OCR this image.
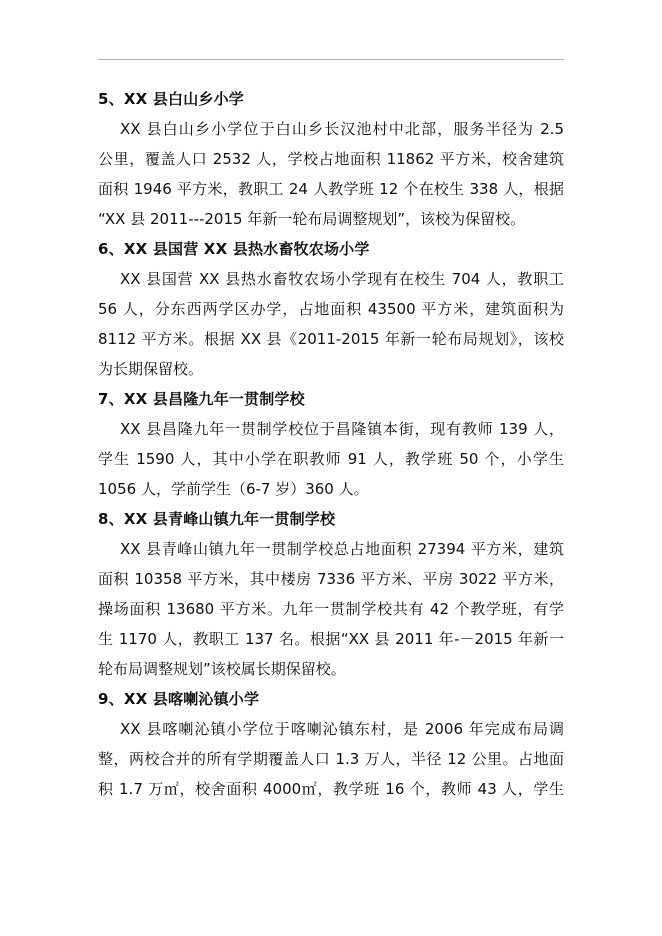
5、XX 县白山乡小学
XX 县白山乡小学位于白山乡长汉池村中北部，服务半径为 2.5
公里，覆盖人口 2532 人，学校占地面积 11862 平方米，校舍建筑
面积 1946 平方米，教职工 24 人教学班 12 个在校生 338 人，根据
“XX 县 2011---2015 年新一轮布局调整规划”，该校为保留校。
6、XX 县国营 XX 县热水畜牧农场小学
XX 县国营 XX 县热水畜牧农场小学现有在校生 704 人，教职工
56 人，分东西两学区办学，占地面积 43500 平方米，建筑面积为
8112 平方米。根据 XX 县《2011-2015 年新一轮布局规划》，该校
为长期保留校。
7、XX 县昌隆九年一贯制学校
XX 县昌隆九年一贯制学校位于昌隆镇本街，现有教师 139 人，
学生 1590 人，其中小学在职教师 91 人，教学班 50 个，小学生
1056 人，学前学生（6-7 岁）360 人。
8、XX 县青峰山镇九年一贯制学校
XX 县青峰山镇九年一贯制学校总占地面积 27394 平方米，建筑
面积 10358 平方米，其中楼房 7336 平方米、平房 3022 平方米，
操场面积 13680 平方米。九年一贯制学校共有 42 个教学班，有学
生 1170 人，教职工 137 名。根据“XX 县 2011 年-－2015 年新一
轮布局调整规划”该校属长期保留校。
9、XX 县喀喇沁镇小学
XX 县喀喇沁镇小学位于喀喇沁镇东村，是 2006 年完成布局调
整，两校合并的所有学期覆盖人口 1.3 万人，半径 12 公里。占地面
积 1.7 万㎡，校舍面积 4000㎡，教学班 16 个，教师 43 人，学生
